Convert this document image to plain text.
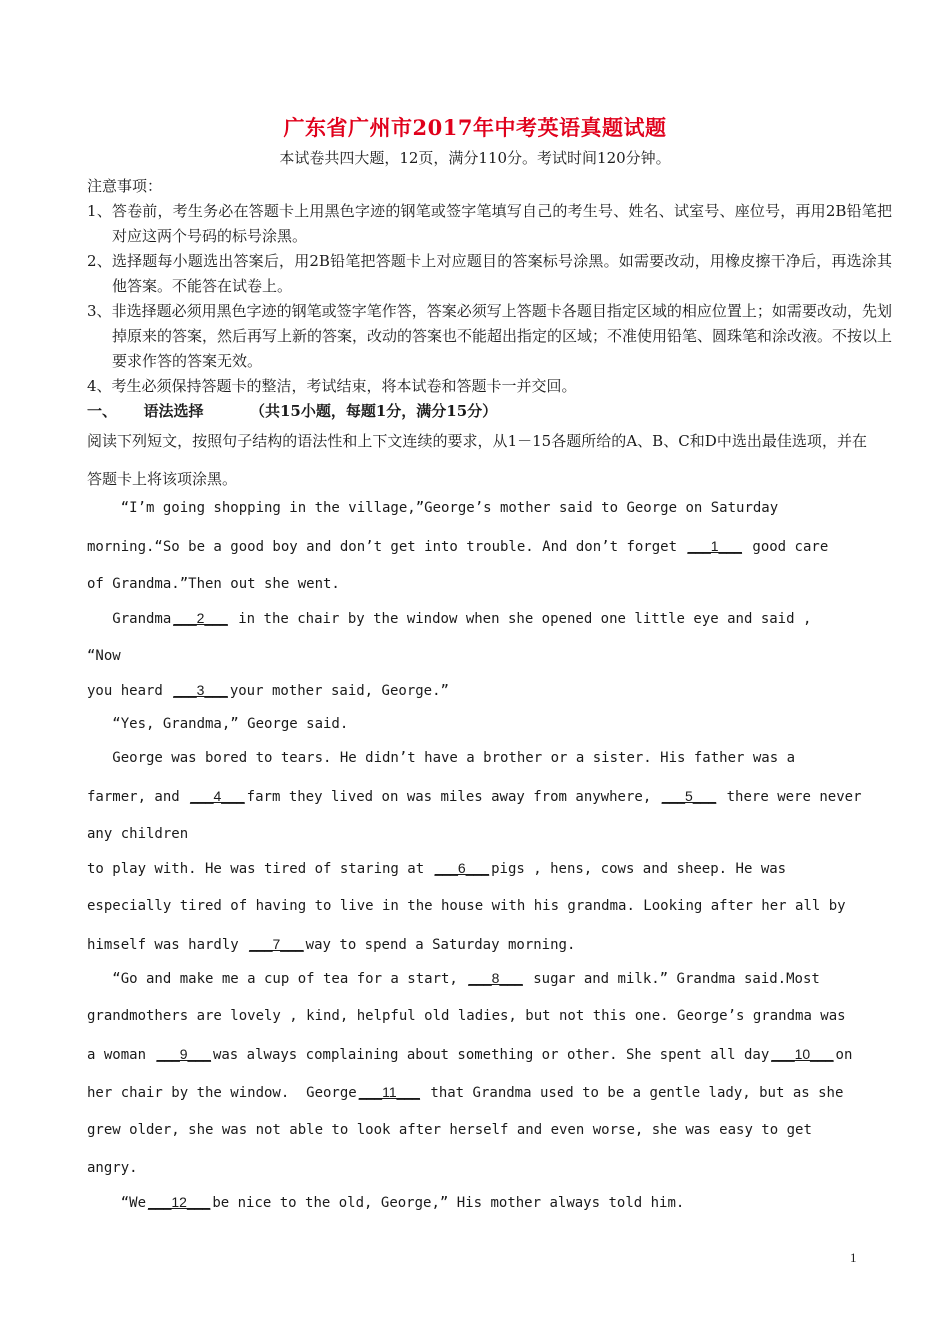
广东省广州市2017年中考英语真题试题
本试卷共四大题，12页，满分110分。考试时间120分钟。
注意事项：
1、答卷前，考生务必在答题卡上用黑色字迹的钢笔或签字笔填写自己的考生号、姓名、试室号、座位号，再用2B铅笔把对应这两个号码的标号涂黑。
2、选择题每小题选出答案后，用2B铅笔把答题卡上对应题目的答案标号涂黑。如需要改动，用橡皮擦干净后，再选涂其他答案。不能答在试卷上。
3、非选择题必须用黑色字迹的钢笔或签字笔作答，答案必须写上答题卡各题目指定区域的相应位置上；如需要改动，先划掉原来的答案，然后再写上新的答案，改动的答案也不能超出指定的区域；不准使用铅笔、圆珠笔和涂改液。不按以上要求作答的答案无效。
4、考生必须保持答题卡的整洁，考试结束，将本试卷和答题卡一并交回。
一、 语法选择	（共15小题，每题1分，满分15分）
阅读下列短文，按照句子结构的语法性和上下文连续的要求，从1－15各题所给的A、B、C和D中选出最佳选项，并在答题卡上将该项涂黑。
“I’m going shopping in the village,”George’s mother said to George on Saturday
morning.“So be a good boy and don’t get into trouble. And don’t forget ___1___ good care
of Grandma.”Then out she went.
Grandma ___2___ in the chair by the window when she opened one little eye and said ,
“Now
you heard ___3___ your mother said, George.”
“Yes, Grandma,” George said.
George was bored to tears. He didn’t have a brother or a sister. His father was a
farmer, and ___4___ farm they lived on was miles away from anywhere, ___5___ there were never
any children
to play with. He was tired of staring at ___6___ pigs , hens, cows and sheep. He was
especially tired of having to live in the house with his grandma. Looking after her all by
himself was hardly ___7___ way to spend a Saturday morning.
“Go and make me a cup of tea for a start, ___8___ sugar and milk.” Grandma said.Most
grandmothers are lovely , kind, helpful old ladies, but not this one. George’s grandma was
a woman ___9___ was always complaining about something or other. She spent all day ___10___ on
her chair by the window.  George ___11___ that Grandma used to be a gentle lady, but as she
grew older, she was not able to look after herself and even worse, she was easy to get
angry.
“We ___12___ be nice to the old, George,” His mother always told him.
1
